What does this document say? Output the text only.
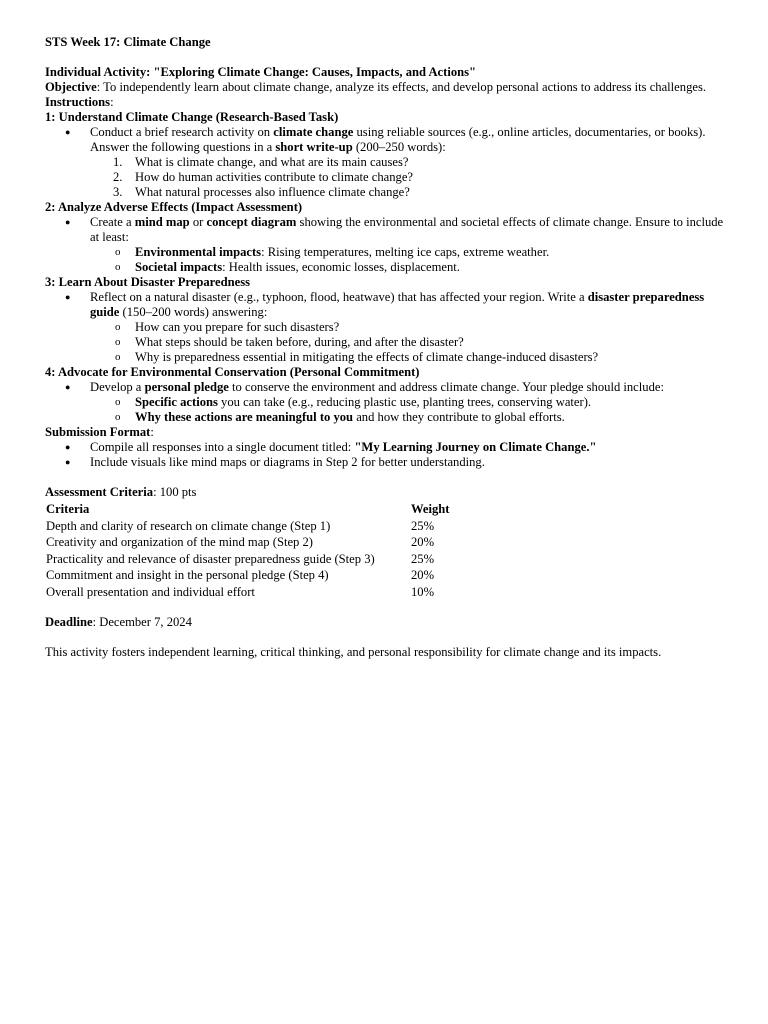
STS Week 17: Climate Change

Individual Activity: "Exploring Climate Change: Causes, Impacts, and Actions"

Objective: To independently learn about climate change, analyze its effects, and develop personal actions to address its challenges.

Instructions:

1: Understand Climate Change (Research-Based Task)

● Conduct a brief research activity on climate change using reliable sources (e.g., online articles, documentaries, or books). Answer the following questions in a short write-up (200–250 words):
1. What is climate change, and what are its main causes?
2. How do human activities contribute to climate change?
3. What natural processes also influence climate change?

2: Analyze Adverse Effects (Impact Assessment)

● Create a mind map or concept diagram showing the environmental and societal effects of climate change. Ensure to include at least:
o Environmental impacts: Rising temperatures, melting ice caps, extreme weather.
o Societal impacts: Health issues, economic losses, displacement.

3: Learn About Disaster Preparedness

● Reflect on a natural disaster (e.g., typhoon, flood, heatwave) that has affected your region. Write a disaster preparedness guide (150–200 words) answering:
o How can you prepare for such disasters?
o What steps should be taken before, during, and after the disaster?
o Why is preparedness essential in mitigating the effects of climate change-induced disasters?

4: Advocate for Environmental Conservation (Personal Commitment)

● Develop a personal pledge to conserve the environment and address climate change. Your pledge should include:
o Specific actions you can take (e.g., reducing plastic use, planting trees, conserving water).
o Why these actions are meaningful to you and how they contribute to global efforts.

Submission Format:

● Compile all responses into a single document titled: "My Learning Journey on Climate Change."
● Include visuals like mind maps or diagrams in Step 2 for better understanding.

Assessment Criteria: 100 pts

Criteria	Weight
Depth and clarity of research on climate change (Step 1)	25%
Creativity and organization of the mind map (Step 2)	20%
Practicality and relevance of disaster preparedness guide (Step 3)	25%
Commitment and insight in the personal pledge (Step 4)	20%
Overall presentation and individual effort	10%

Deadline: December 7, 2024

This activity fosters independent learning, critical thinking, and personal responsibility for climate change and its impacts.
